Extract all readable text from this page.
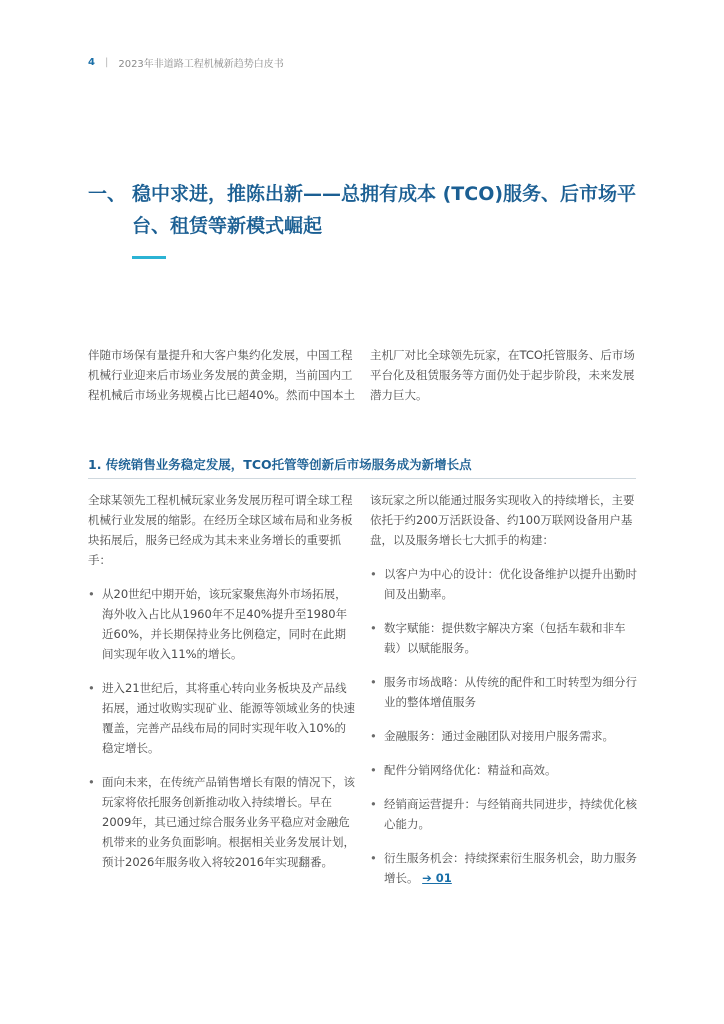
4 | 2023年非道路工程机械新趋势白皮书
一、 稳中求进，推陈出新——总拥有成本 (TCO)服务、后市场平台、租赁等新模式崛起
伴随市场保有量提升和大客户集约化发展，中国工程机械行业迎来后市场业务发展的黄金期，当前国内工程机械后市场业务规模占比已超40%。然而中国本土
主机厂对比全球领先玩家，在TCO托管服务、后市场平台化及租赁服务等方面仍处于起步阶段，未来发展潜力巨大。
1. 传统销售业务稳定发展，TCO托管等创新后市场服务成为新增长点

全球某领先工程机械玩家业务发展历程可谓全球工程机械行业发展的缩影。在经历全球区域布局和业务板块拓展后，服务已经成为其未来业务增长的重要抓手：

• 从20世纪中期开始，该玩家聚焦海外市场拓展，海外收入占比从1960年不足40%提升至1980年近60%，并长期保持业务比例稳定，同时在此期间实现年收入11%的增长。
• 进入21世纪后，其将重心转向业务板块及产品线拓展，通过收购实现矿业、能源等领域业务的快速覆盖，完善产品线布局的同时实现年收入10%的稳定增长。
• 面向未来，在传统产品销售增长有限的情况下，该玩家将依托服务创新推动收入持续增长。早在2009年，其已通过综合服务业务平稳应对金融危机带来的业务负面影响。根据相关业务发展计划，预计2026年服务收入将较2016年实现翻番。

该玩家之所以能通过服务实现收入的持续增长，主要依托于约200万活跃设备、约100万联网设备用户基盘，以及服务增长七大抓手的构建：

• 以客户为中心的设计：优化设备维护以提升出勤时间及出勤率。
• 数字赋能：提供数字解决方案（包括车载和非车载）以赋能服务。
• 服务市场战略：从传统的配件和工时转型为细分行业的整体增值服务
• 金融服务：通过金融团队对接用户服务需求。
• 配件分销网络优化：精益和高效。
• 经销商运营提升：与经销商共同进步，持续优化核心能力。
• 衍生服务机会：持续探索衍生服务机会，助力服务增长。 ➔ 01
